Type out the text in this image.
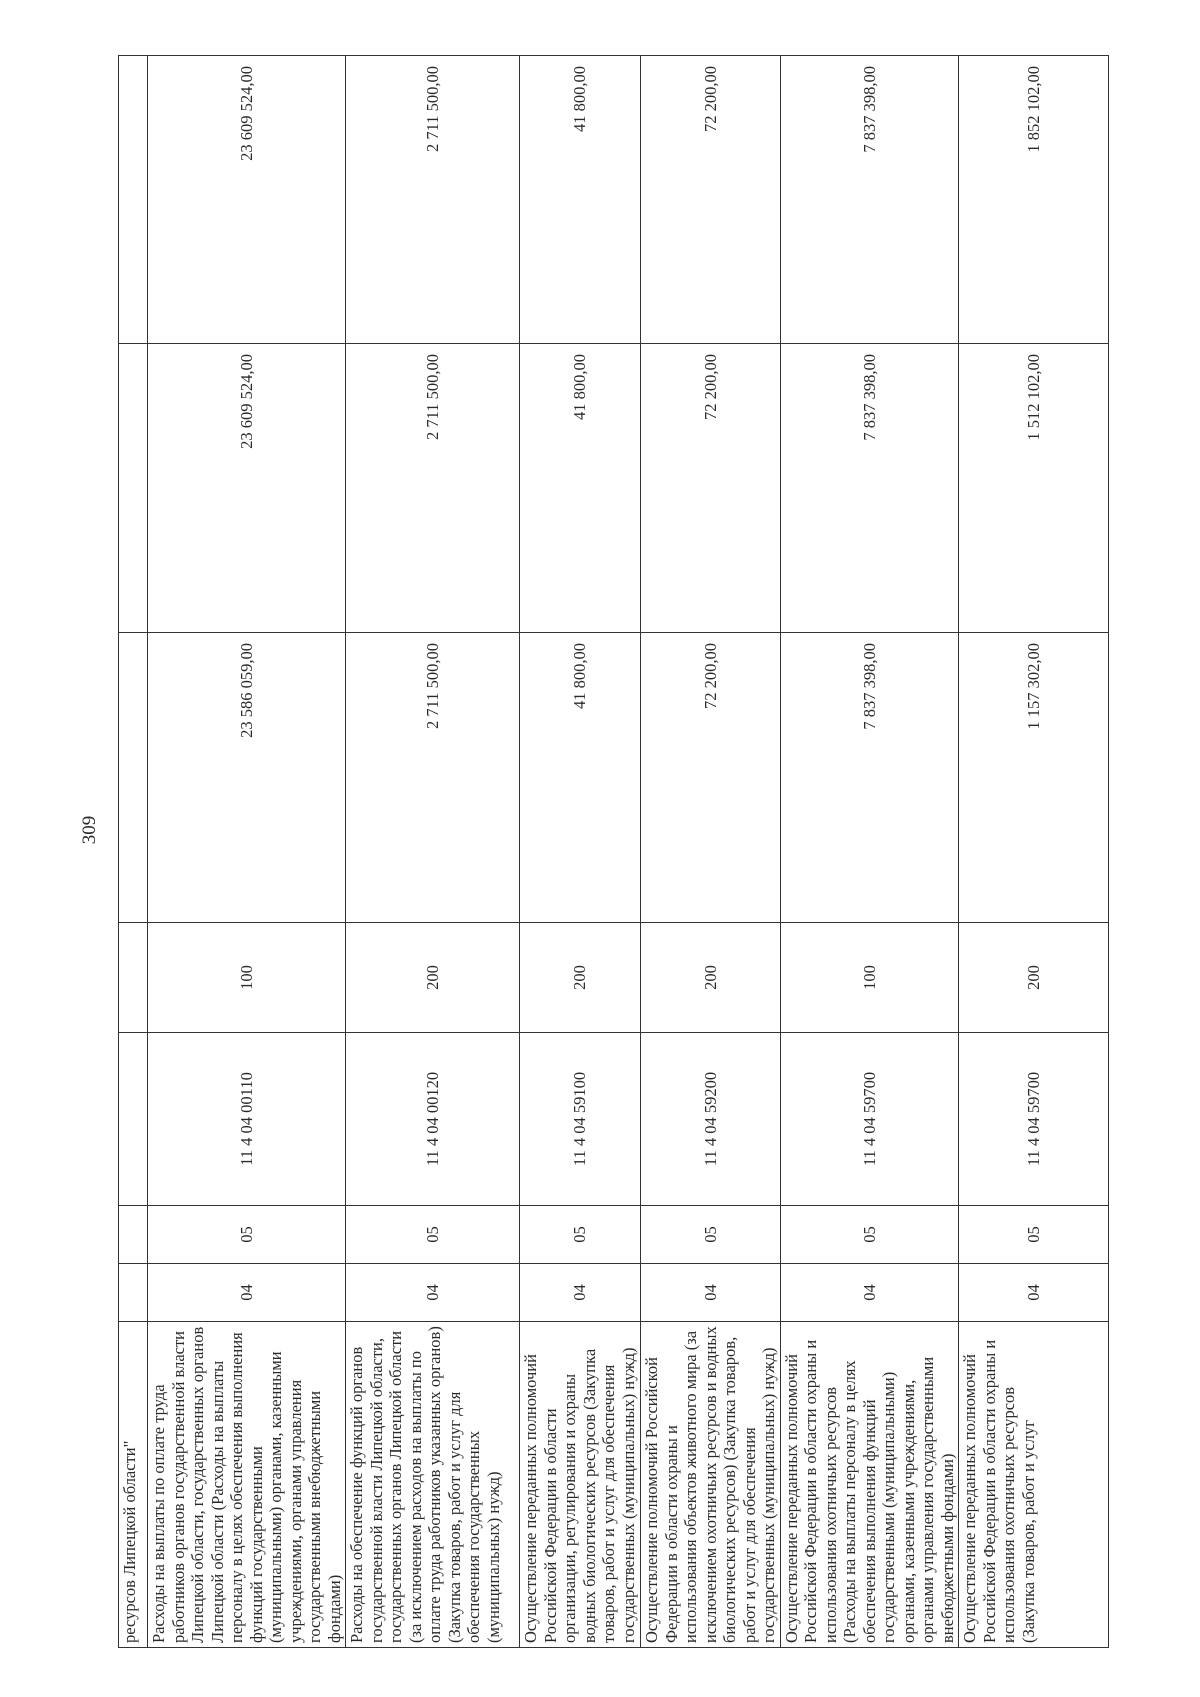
309
ресурсов Липецкой области"							
Расходы на выплаты по оплате труда работников органов государственной власти Липецкой области, государственных органов Липецкой области (Расходы на выплаты персоналу в целях обеспечения выполнения функций государственными (муниципальными) органами, казенными учреждениями, органами управления государственными внебюджетными фондами)	04	05	11 4 04 00110	100	23 586 059,00	23 609 524,00	23 609 524,00
Расходы на обеспечение функций органов государственной власти Липецкой области, государственных органов Липецкой области (за исключением расходов на выплаты по оплате труда работников указанных органов) (Закупка товаров, работ и услуг для обеспечения государственных (муниципальных) нужд)	04	05	11 4 04 00120	200	2 711 500,00	2 711 500,00	2 711 500,00
Осуществление переданных полномочий Российской Федерации в области организации, регулирования и охраны водных биологических ресурсов (Закупка товаров, работ и услуг для обеспечения государственных (муниципальных) нужд)	04	05	11 4 04 59100	200	41 800,00	41 800,00	41 800,00
Осуществление полномочий Российской Федерации в области охраны и использования объектов животного мира (за исключением охотничьих ресурсов и водных биологических ресурсов) (Закупка товаров, работ и услуг для обеспечения государственных (муниципальных) нужд)	04	05	11 4 04 59200	200	72 200,00	72 200,00	72 200,00
Осуществление переданных полномочий Российской Федерации в области охраны и использования охотничьих ресурсов (Расходы на выплаты персоналу в целях обеспечения выполнения функций государственными (муниципальными) органами, казенными учреждениями, органами управления государственными внебюджетными фондами)	04	05	11 4 04 59700	100	7 837 398,00	7 837 398,00	7 837 398,00
Осуществление переданных полномочий Российской Федерации в области охраны и использования охотничьих ресурсов (Закупка товаров, работ и услуг	04	05	11 4 04 59700	200	1 157 302,00	1 512 102,00	1 852 102,00
